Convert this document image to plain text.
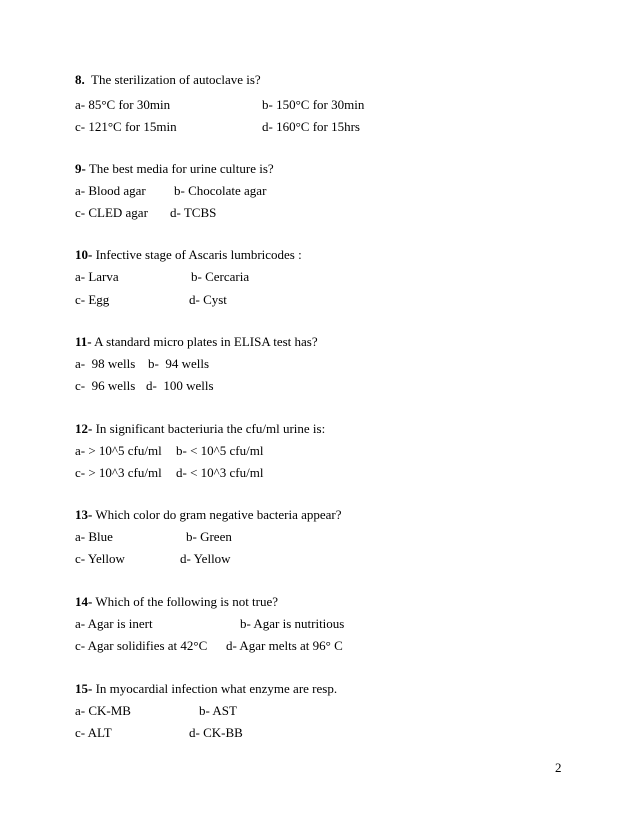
8.  The sterilization of autoclave is?
a- 85°C for 30min	b- 150°C for 30min
c- 121°C for 15min	d- 160°C for 15hrs
9- The best media for urine culture is?
a- Blood agar b- Chocolate agar
c- CLED agar d- TCBS
10- Infective stage of Ascaris lumbricodes :
a- Larva	b- Cercaria
c- Egg	d- Cyst
11- A standard micro plates in ELISA test has?
a-  98 wells b-  94 wells
c-  96 wells d-  100 wells
12- In significant bacteriuria the cfu/ml urine is:
a- > 10^5 cfu/ml b- < 10^5 cfu/ml
c- > 10^3 cfu/ml d- < 10^3 cfu/ml
13- Which color do gram negative bacteria appear?
a- Blue	b- Green
c- Yellow	d- Yellow
14- Which of the following is not true?
a- Agar is inert	b- Agar is nutritious
c- Agar solidifies at 42°C d- Agar melts at 96° C
15- In myocardial infection what enzyme are resp.
a- CK-MB	b- AST
c- ALT	d- CK-BB
2
